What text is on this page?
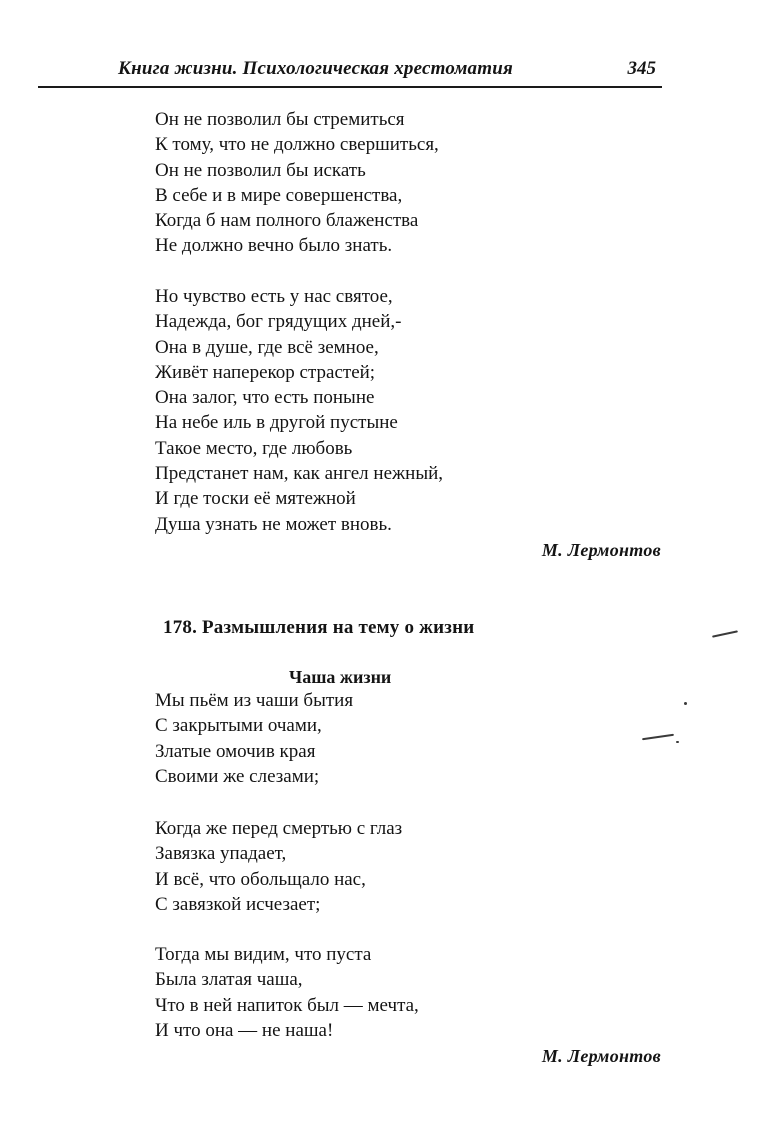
Книга жизни. Психологическая хрестоматия	345
Он не позволил бы стремиться
К тому, что не должно свершиться,
Он не позволил бы искать
В себе и в мире совершенства,
Когда б нам полного блаженства
Не должно вечно было знать.
Но чувство есть у нас святое,
Надежда, бог грядущих дней,-
Она в душе, где всё земное,
Живёт наперекор страстей;
Она залог, что есть поныне
На небе иль в другой пустыне
Такое место, где любовь
Предстанет нам, как ангел нежный,
И где тоски её мятежной
Душа узнать не может вновь.
М. Лермонтов
178. Размышления на тему о жизни
Чаша жизни
Мы пьём из чаши бытия
С закрытыми очами,
Златые омочив края
Своими же слезами;
Когда же перед смертью с глаз
Завязка упадает,
И всё, что обольщало нас,
С завязкой исчезает;
Тогда мы видим, что пуста
Была златая чаша,
Что в ней напиток был — мечта,
И что она — не наша!
М. Лермонтов
